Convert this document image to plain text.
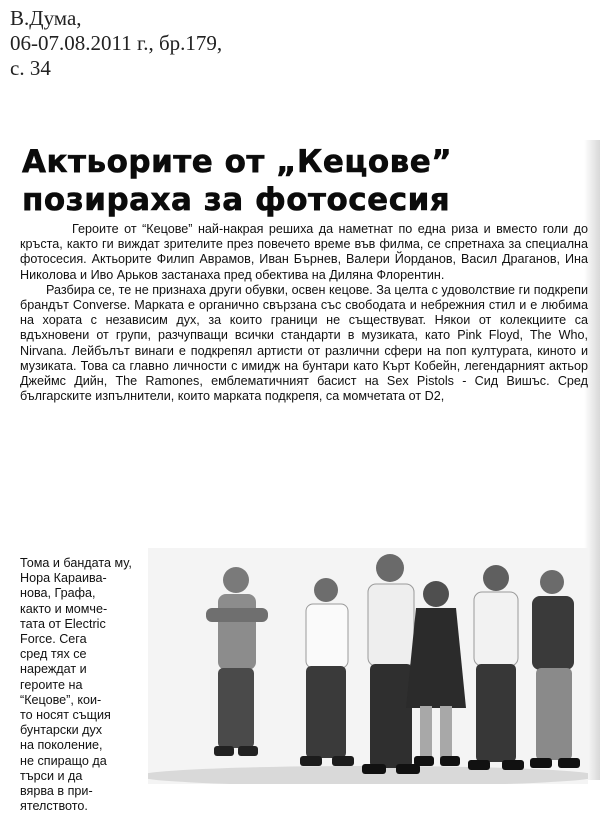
В.Дума,
06-07.08.2011 г., бр.179,
с. 34
Актьорите от „Кецове”
позираха за фотосесия

Героите от “Кецове” най-накрая решиха да наметнат по една риза и вместо голи до кръста, както ги виждат зрителите през повечето време във филма, се спретнаха за специална фотосесия. Актьорите Филип Аврамов, Иван Бърнев, Валери Йорданов, Васил Драганов, Ина Николова и Иво Арьков застанаха пред обектива на Диляна Флорентин.

Разбира се, те не признаха други обувки, освен кецове. За целта с удоволствие ги подкрепи брандът Converse. Марката е органично свързана със свободата и небрежния стил и е любима на хората с независим дух, за които граници не съществуват. Някои от колекциите са вдъхновени от групи, разчупващи всички стандарти в музиката, като Pink Floyd, The Who, Nirvana. Лейбълът винаги е подкрепял артисти от различни сфери на поп културата, киното и музиката. Това са главно личности с имидж на бунтари като Кърт Кобейн, легендарният актьор Джеймс Дийн, The Ramones, емблематичният басист на Sex Pistols - Сид Вишъс. Сред българските изпълнители, които марката подкрепя, са момчетата от D2,

Тома и бандата му,
Нора Караива-
нова, Графа,
както и момче-
тата от Electric
Force. Сега
сред тях се
нареждат и
героите на
“Кецове”, кои-
то носят същия
бунтарски дух
на поколение,
не спиращо да
търси и да
вярва в при-
ятелството.
